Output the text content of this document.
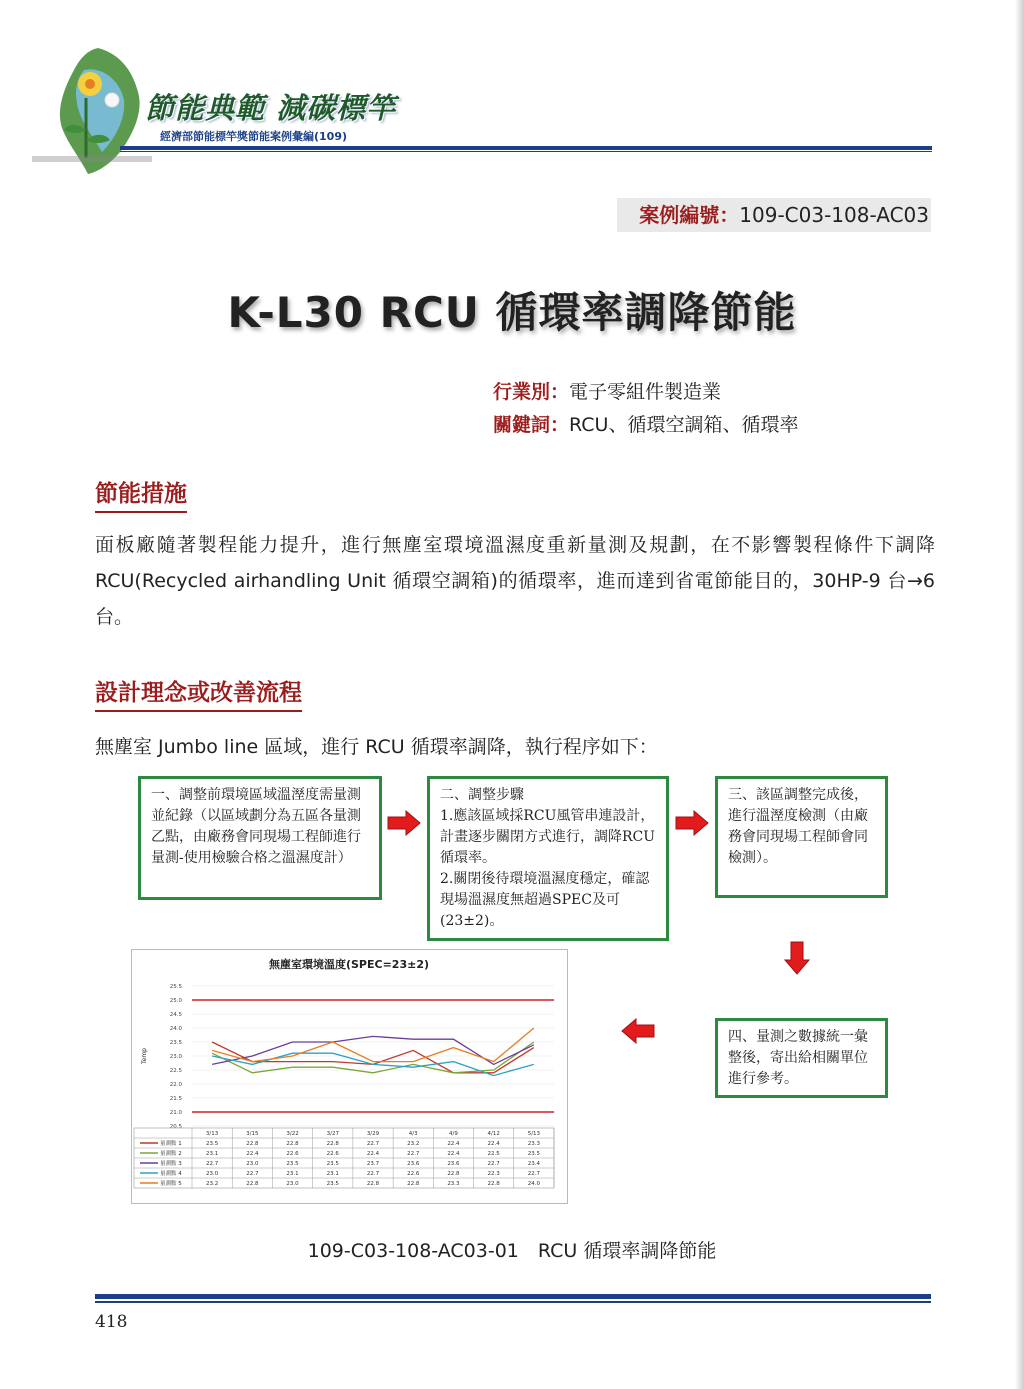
節能典範 減碳標竿
經濟部節能標竿獎節能案例彙編(109)
案例編號：109-C03-108-AC03
K-L30 RCU 循環率調降節能
行業別：電子零組件製造業
關鍵詞：RCU、循環空調箱、循環率
節能措施
面板廠隨著製程能力提升，進行無塵室環境溫濕度重新量測及規劃，在不影響製程條件下調降 RCU(Recycled airhandling Unit 循環空調箱)的循環率，進而達到省電節能目的，30HP-9 台→6 台。
設計理念或改善流程
無塵室 Jumbo line 區域，進行 RCU 循環率調降，執行程序如下：
一、調整前環境區域溫溼度需量測並紀錄（以區域劃分為五區各量測乙點，由廠務會同現場工程師進行量測-使用檢驗合格之溫濕度計）
二、調整步驟
1.應該區域採RCU風管串連設計，計畫逐步關閉方式進行，調降RCU循環率。
2.關閉後待環境溫濕度穩定，確認現場溫濕度無超過SPEC及可(23±2)。
三、該區調整完成後，進行溫溼度檢測（由廠務會同現場工程師會同檢測）。
四、量測之數據統一彙整後，寄出給相關單位進行參考。
無塵室環境溫度(SPEC=23±2)
25.5
25.0
24.5
24.0
23.5
23.0
22.5
22.0
21.5
21.0
20.5
Temp
3/13	3/15	3/22	3/27	3/29	4/3	4/9	4/12	5/13
量測點 1	23.5	22.8	22.8	22.8	22.7	23.2	22.4	22.4	23.3
量測點 2	23.1	22.4	22.6	22.6	22.4	22.7	22.4	22.5	23.5
量測點 3	22.7	23.0	23.5	23.5	23.7	23.6	23.6	22.7	23.4
量測點 4	23.0	22.7	23.1	23.1	22.7	22.6	22.8	22.3	22.7
量測點 5	23.2	22.8	23.0	23.5	22.8	22.8	23.3	22.8	24.0
109-C03-108-AC03-01　RCU 循環率調降節能
418
